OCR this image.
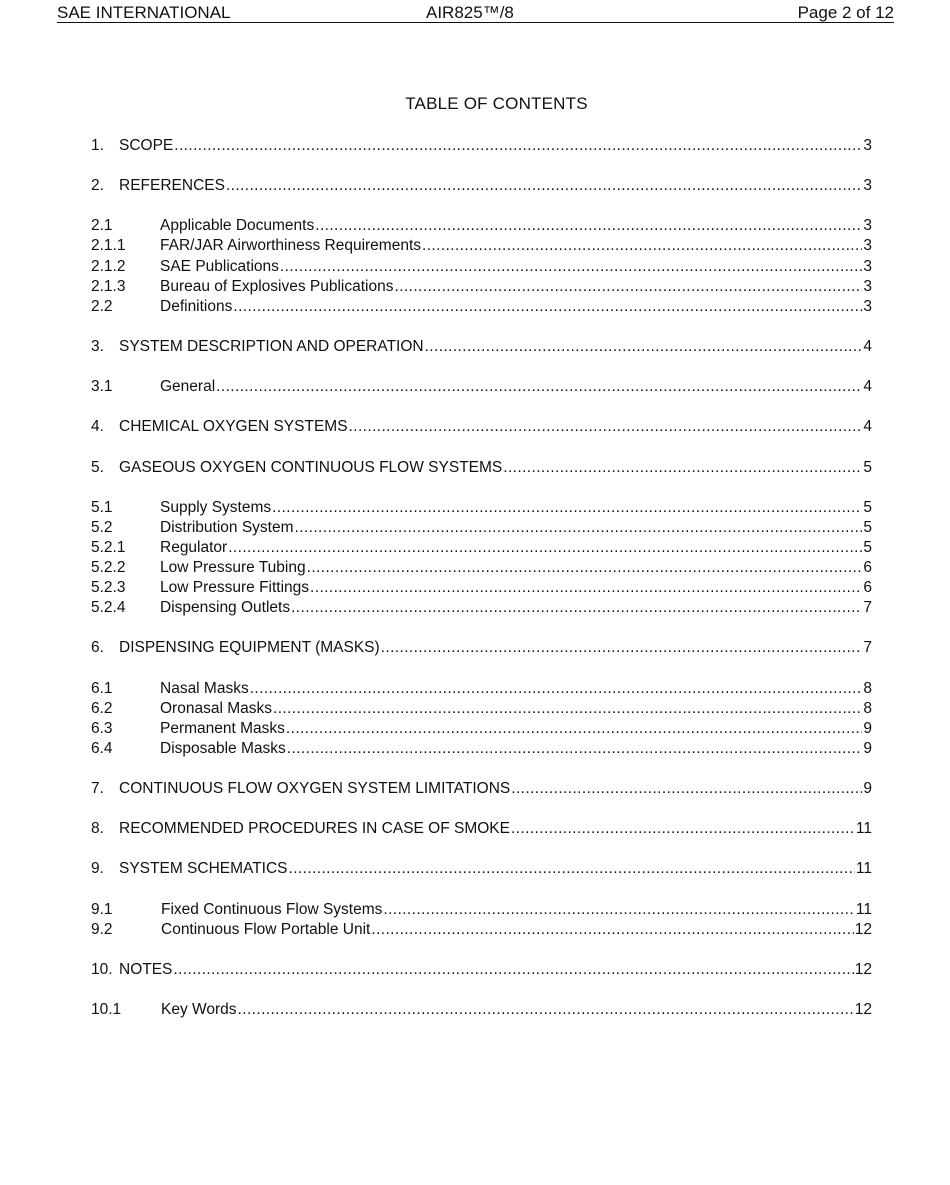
SAE INTERNATIONAL	AIR825™/8	Page 2 of 12
TABLE OF CONTENTS
1. SCOPE .....	3
2. REFERENCES .....	3
2.1	Applicable Documents .....	3
2.1.1	FAR/JAR Airworthiness Requirements .....	3
2.1.2	SAE Publications .....	3
2.1.3	Bureau of Explosives Publications .....	3
2.2	Definitions .....	3
3. SYSTEM DESCRIPTION AND OPERATION .....	4
3.1	General .....	4
4. CHEMICAL OXYGEN SYSTEMS .....	4
5. GASEOUS OXYGEN CONTINUOUS FLOW SYSTEMS .....	5
5.1	Supply Systems .....	5
5.2	Distribution System .....	5
5.2.1	Regulator .....	5
5.2.2	Low Pressure Tubing .....	6
5.2.3	Low Pressure Fittings .....	6
5.2.4	Dispensing Outlets .....	7
6. DISPENSING EQUIPMENT (MASKS) .....	7
6.1	Nasal Masks .....	8
6.2	Oronasal Masks .....	8
6.3	Permanent Masks .....	9
6.4	Disposable Masks .....	9
7. CONTINUOUS FLOW OXYGEN SYSTEM LIMITATIONS .....	9
8. RECOMMENDED PROCEDURES IN CASE OF SMOKE .....	11
9. SYSTEM SCHEMATICS .....	11
9.1	Fixed Continuous Flow Systems .....	11
9.2	Continuous Flow Portable Unit .....	12
10. NOTES .....	12
10.1	Key Words .....	12
